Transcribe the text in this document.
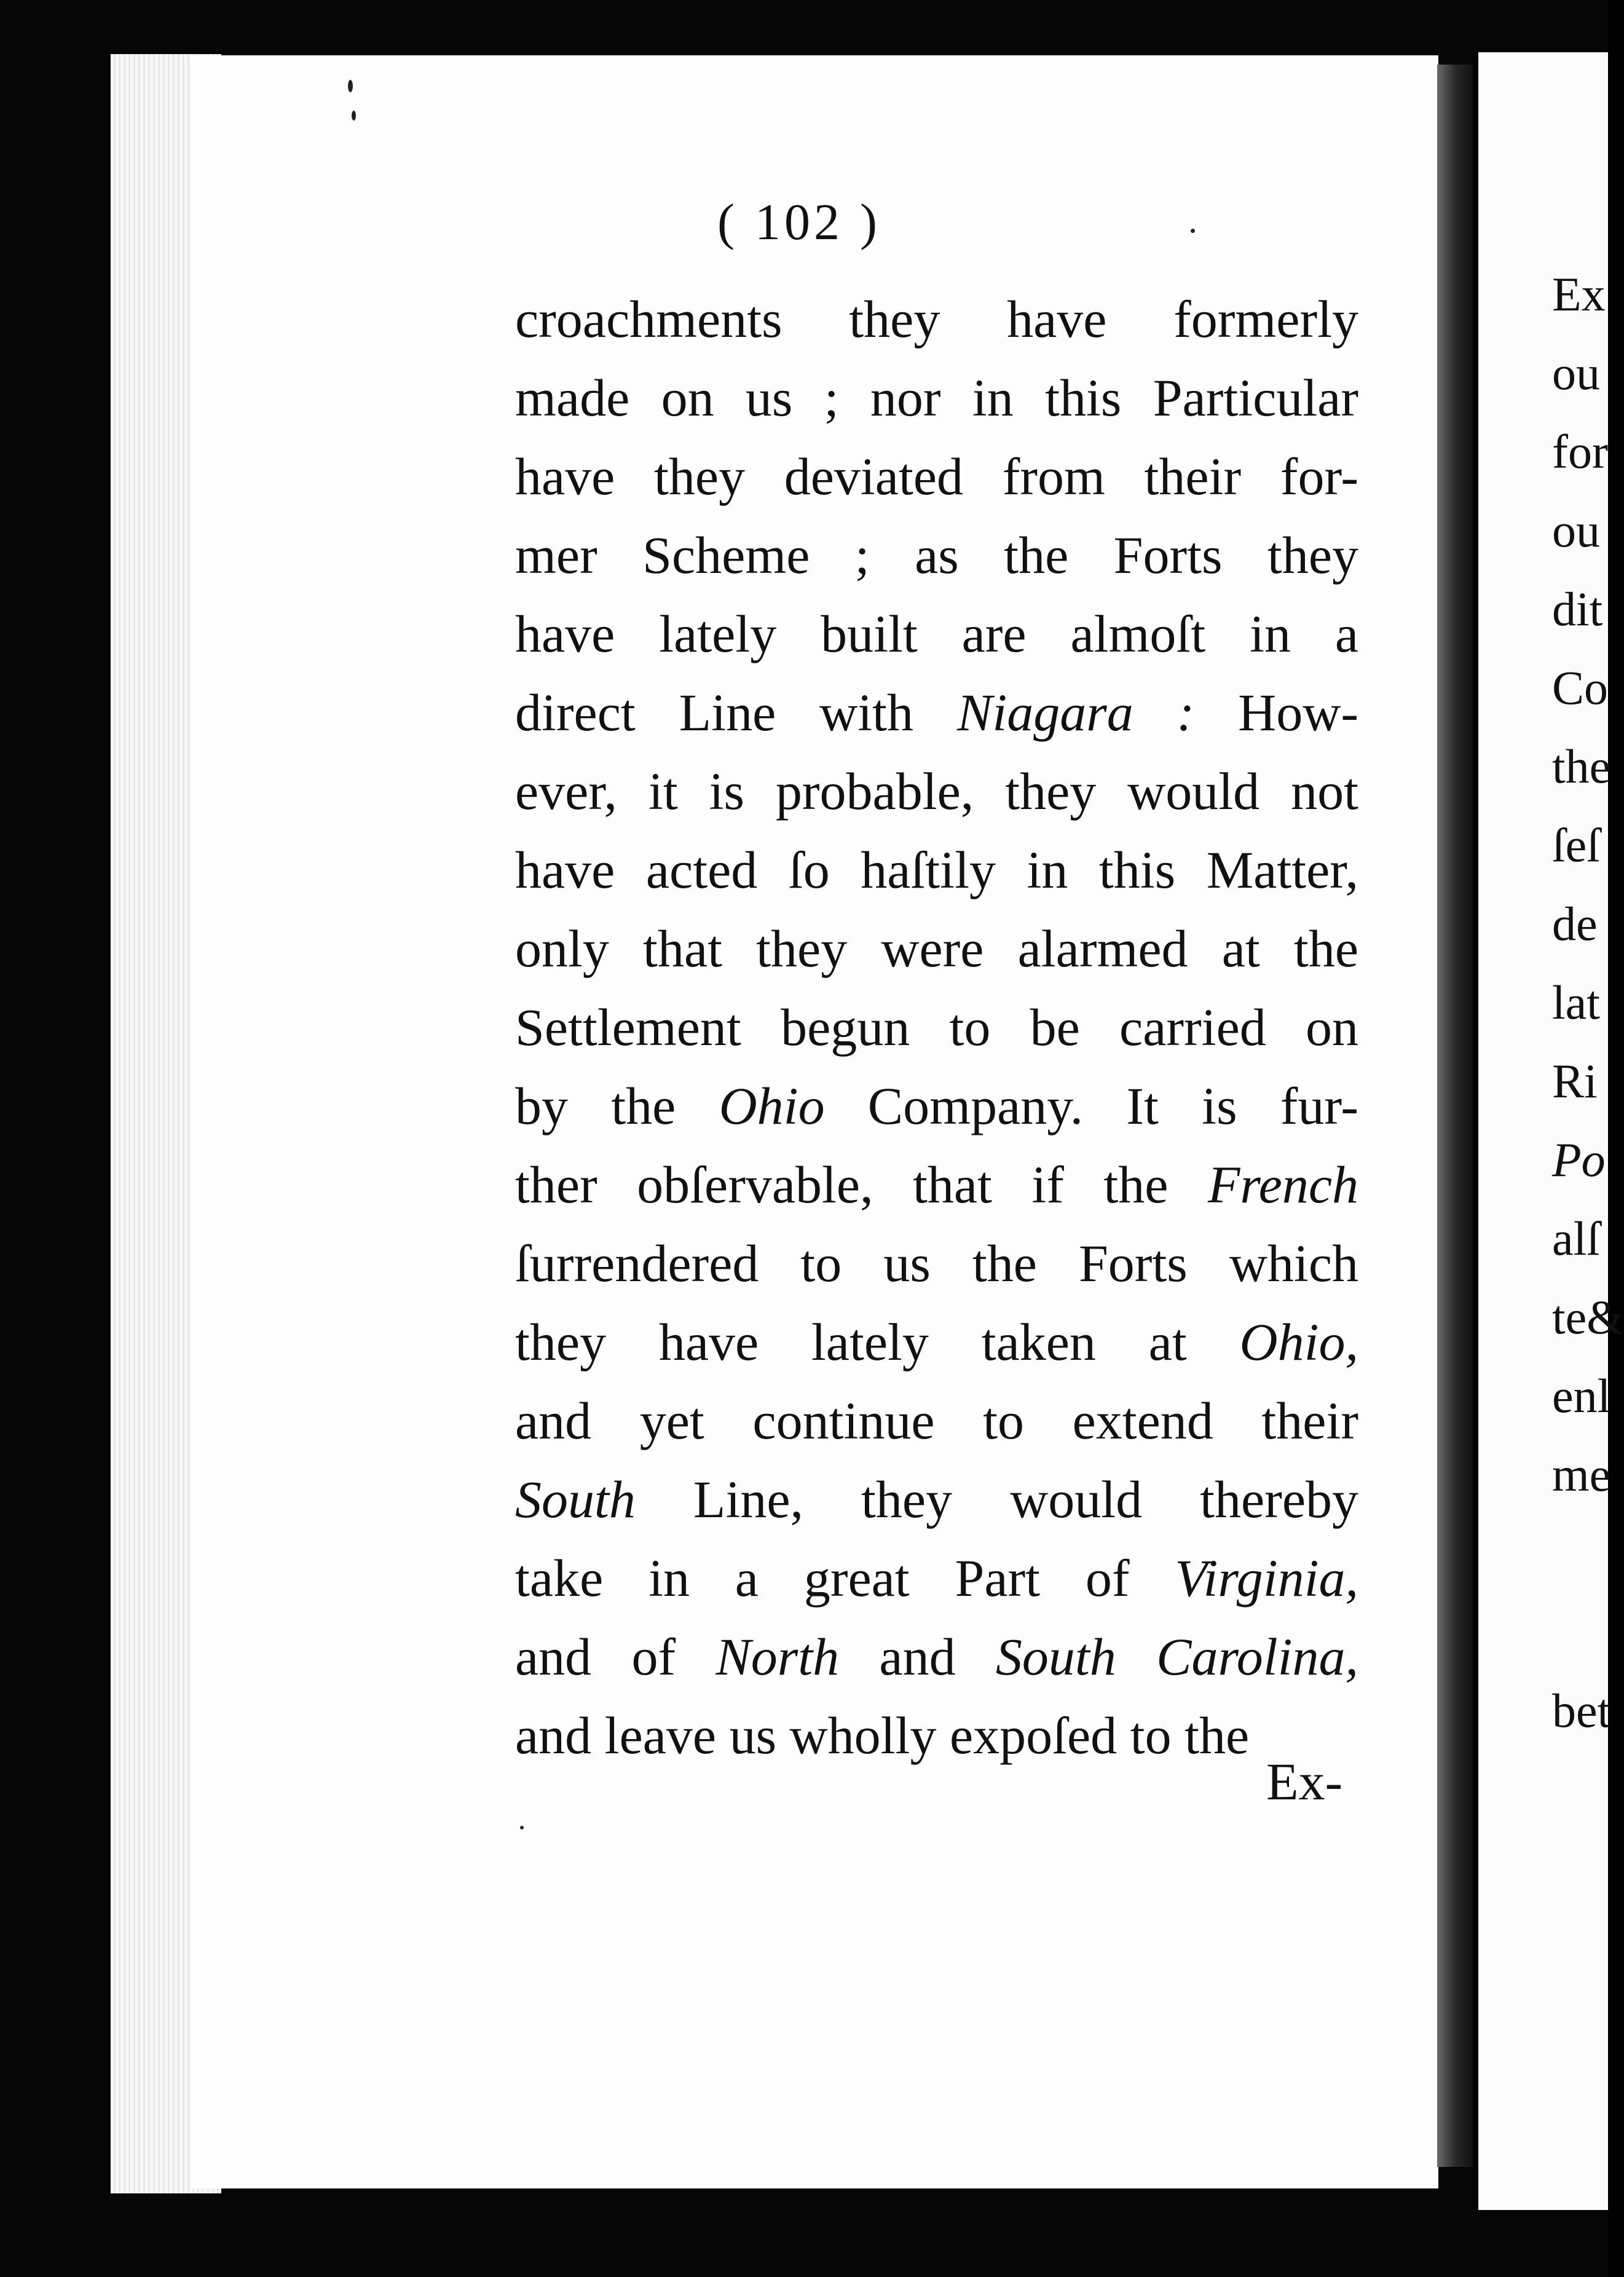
( 102 )
croachments they have formerly
made on us ; nor in this Particular
have they deviated from their for-
mer Scheme ; as the Forts they
have lately built are almoſt in a
direct Line with Niagara : How-
ever, it is probable, they would not
have acted ſo haſtily in this Matter,
only that they were alarmed at the
Settlement begun to be carried on
by the Ohio Company. It is fur-
ther obſervable, that if the French
ſurrendered to us the Forts which
they have lately taken at Ohio,
and yet continue to extend their
South Line, they would thereby
take in a great Part of Virginia,
and of North and South Carolina,
and leave us wholly expoſed to the
Ex-
Ex
ou
for
ou
dit
Co
the
ſeſ
de
lat
Ri
Po
alſ
te&
enl
me
bet
